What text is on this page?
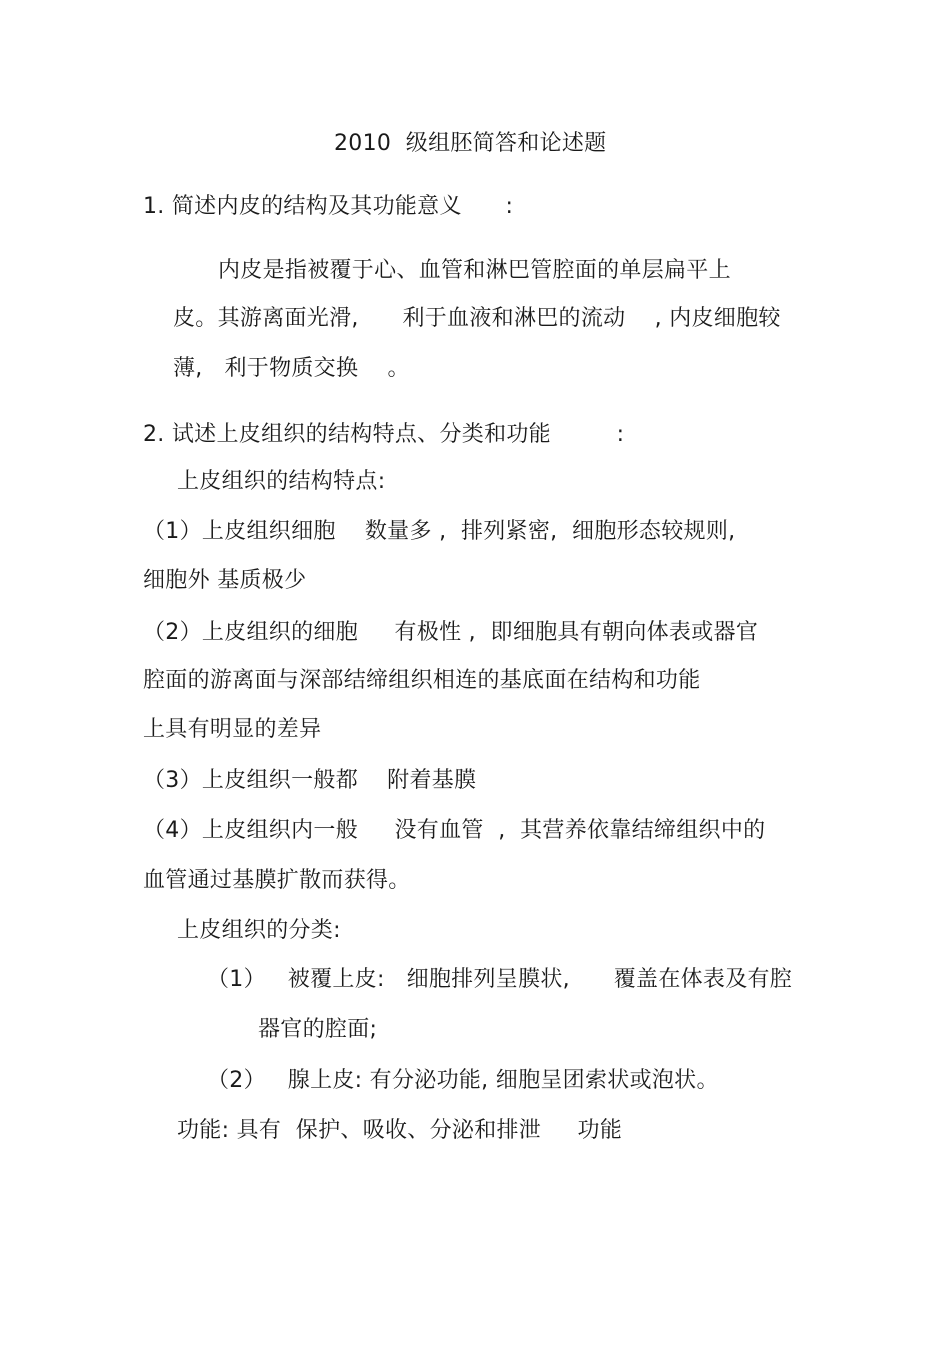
2010  级组胚简答和论述题
1. 简述内皮的结构及其功能意义      :
内皮是指被覆于心、血管和淋巴管腔面的单层扁平上
皮。其游离面光滑,      利于血液和淋巴的流动    , 内皮细胞较
薄,   利于物质交换    。
2. 试述上皮组织的结构特点、分类和功能         :
上皮组织的结构特点:
（1）上皮组织细胞    数量多 ,  排列紧密,  细胞形态较规则,
细胞外 基质极少
（2）上皮组织的细胞     有极性 ,  即细胞具有朝向体表或器官
腔面的游离面与深部结缔组织相连的基底面在结构和功能
上具有明显的差异
（3）上皮组织一般都    附着基膜
（4）上皮组织内一般     没有血管  ,  其营养依靠结缔组织中的
血管通过基膜扩散而获得。
上皮组织的分类:
（1）   被覆上皮:   细胞排列呈膜状,      覆盖在体表及有腔
器官的腔面;
（2）   腺上皮: 有分泌功能, 细胞呈团索状或泡状。
功能: 具有  保护、吸收、分泌和排泄     功能
